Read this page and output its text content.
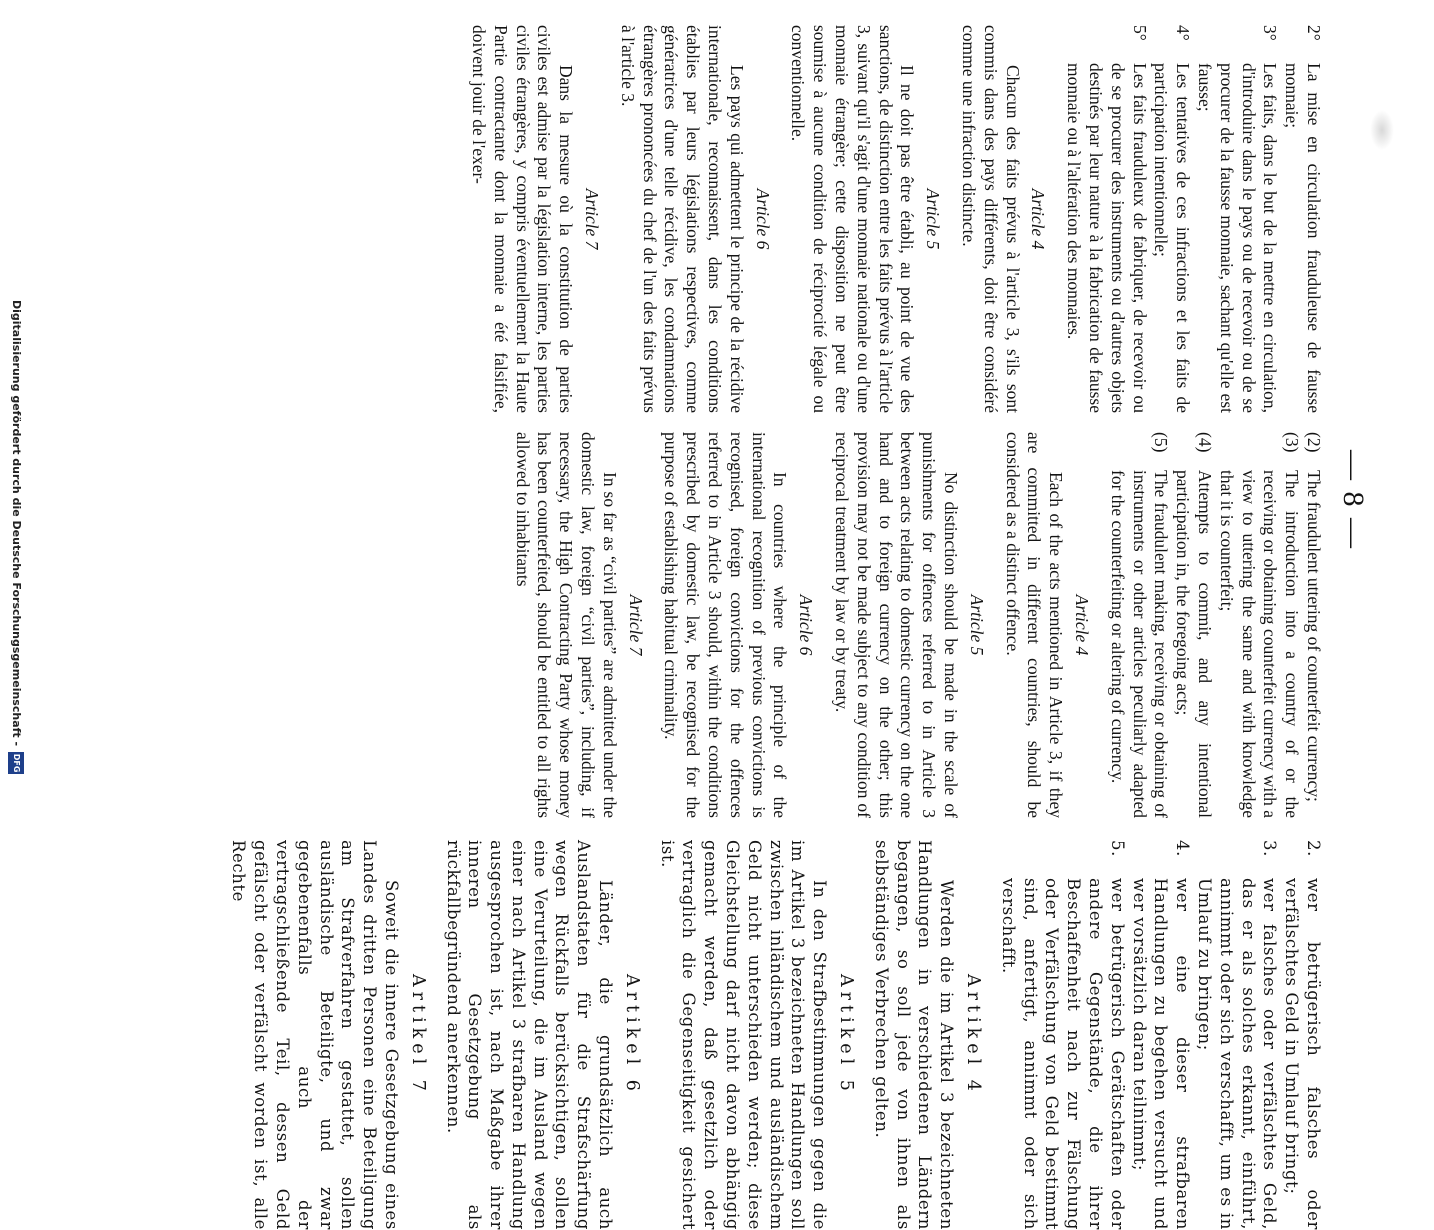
— 8 —
2°
La mise en circulation frauduleuse de fausse monnaie;
3°
Les faits, dans le but de la mettre en circulation, d'introduire dans le pays ou de recevoir ou de se procurer de la fausse monnaie, sachant qu'elle est fausse;
4°
Les tentatives de ces infractions et les faits de participation intentionnelle;
5°
Les faits frauduleux de fabriquer, de recevoir ou de se procurer des instruments ou d'autres objets destinés par leur nature à la fabrication de fausse monnaie ou à l'altération des monnaies.
Article 4

Chacun des faits prévus à l'article 3, s'ils sont commis dans des pays différents, doit être considéré comme une infraction distincte.

Article 5

Il ne doit pas être établi, au point de vue des sanctions, de distinction entre les faits prévus à l'article 3, suivant qu'il s'agit d'une monnaie nationale ou d'une monnaie étrangère; cette disposition ne peut être soumise à aucune condition de réciprocité légale ou conventionnelle.

Article 6

Les pays qui admettent le principe de la récidive internationale, reconnaissent, dans les conditions établies par leurs législations respectives, comme génératrices d'une telle récidive, les condamnations étrangères prononcées du chef de l'un des faits prévus à l'article 3.

Article 7

Dans la mesure où la constitution de parties civiles est admise par la législation interne, les parties civiles étrangères, y compris éventuellement la Haute Partie contractante dont la monnaie a été falsifiée, doivent jouir de l'exer-

(2)
The fraudulent uttering of counterfeit currency;
(3)
The introduction into a country of or the receiving or obtaining counterfeit currency with a view to uttering the same and with knowledge that it is counterfeit;
(4)
Attempts to commit, and any intentional participation in, the foregoing acts;
(5)
The fraudulent making, receiving or obtaining of instruments or other articles peculiarly adapted for the counterfeiting or altering of currency.
Article 4

Each of the acts mentioned in Article 3, if they are committed in different countries, should be considered as a distinct offence.

Article 5

No distinction should be made in the scale of punishments for offences referred to in Article 3 between acts relating to domestic currency on the one hand and to foreign currency on the other; this provision may not be made subject to any condition of reciprocal treatment by law or by treaty.

Article 6

In countries where the principle of the international recognition of previous convictions is recognised, foreign convictions for the offences referred to in Article 3 should, within the conditions prescribed by domestic law, be recognised for the purpose of establishing habitual criminality.

Article 7

In so far as “civil parties” are admitted under the domestic law, foreign “civil parties”, including, if necessary, the High Contracting Party whose money has been counterfeited, should be entitled to all rights allowed to inhabitants

2.
wer betrügerisch falsches oder verfälschtes Geld in Umlauf bringt;
3.
wer falsches oder verfälschtes Geld, das er als solches erkannt, einführt, annimmt oder sich verschafft, um es in Umlauf zu bringen;
4.
wer eine dieser strafbaren Handlungen zu begehen versucht und wer vorsätzlich daran teilnimmt;
5.
wer betrügerisch Gerätschaften oder andere Gegenstände, die ihrer Beschaffenheit nach zur Fälschung oder Verfälschung von Geld bestimmt sind, anfertigt, annimmt oder sich verschafft.
Artikel 4

Werden die im Artikel 3 bezeichneten Handlungen in verschiedenen Ländern begangen, so soll jede von ihnen als selbständiges Verbrechen gelten.

Artikel 5

In den Strafbestimmungen gegen die im Artikel 3 bezeichneten Handlungen soll zwischen inländischem und ausländischem Geld nicht unterschieden werden; diese Gleichstellung darf nicht davon abhängig gemacht werden, daß gesetzlich oder vertraglich die Gegenseitigkeit gesichert ist.

Artikel 6

Länder, die grundsätzlich auch Auslandstaten für die Strafschärfung wegen Rückfalls berücksichtigen, sollen eine Verurteilung, die im Ausland wegen einer nach Artikel 3 strafbaren Handlung ausgesprochen ist, nach Maßgabe ihrer inneren Gesetzgebung als rückfallbegründend anerkennen.

Artikel 7

Soweit die innere Gesetzgebung eines Landes dritten Personen eine Beteiligung am Strafverfahren gestattet, sollen ausländische Beteiligte, und zwar gegebenenfalls auch der vertragschließende Teil, dessen Geld gefälscht oder verfälscht worden ist, alle Rechte

Digitalisierung gefördert durch die Deutsche Forschungsgemeinschaft -DFG
